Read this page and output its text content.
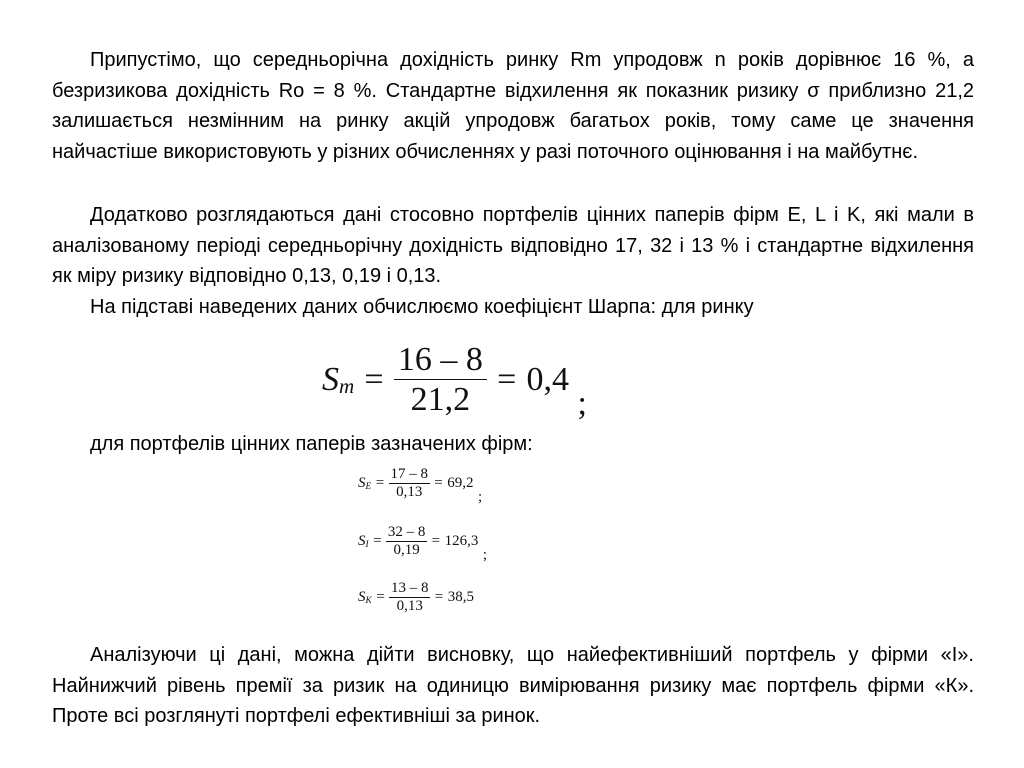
Припустімо, що середньорічна дохідність ринку Rm упродовж n років дорівнює 16 %, а безризикова дохідність Ro = 8 %. Стандартне відхилення як показник ризику σ приблизно 21,2 залишається незмінним на ринку акцій упродовж багатьох років, тому саме це значення найчастіше використовують у різних обчисленнях у разі поточного оцінювання і на майбутнє.

Додатково розглядаються дані стосовно портфелів цінних паперів фірм E, L і K, які мали в аналізованому періоді середньорічну дохідність відповідно 17, 32 і 13 % і стандартне відхилення як міру ризику відповідно 0,13, 0,19 і 0,13.

На підставі наведених даних обчислюємо коефіцієнт Шарпа: для ринку

S $m = \frac{16 - 8}{21,2} = 0,4$
;

для портфелів цінних паперів зазначених фірм:

S $E = \frac{17 - 8}{0,13} = 69,2$
;
S $I = \frac{32 - 8}{0,19} = 126,3$
;
S $K = \frac{13 - 8}{0,13} = 38,5$

Аналізуючи ці дані, можна дійти висновку, що найефективніший портфель у фірми «І». Найнижчий рівень премії за ризик на одиницю вимірювання ризику має портфель фірми «К». Проте всі розглянуті портфелі ефективніші за ринок.
